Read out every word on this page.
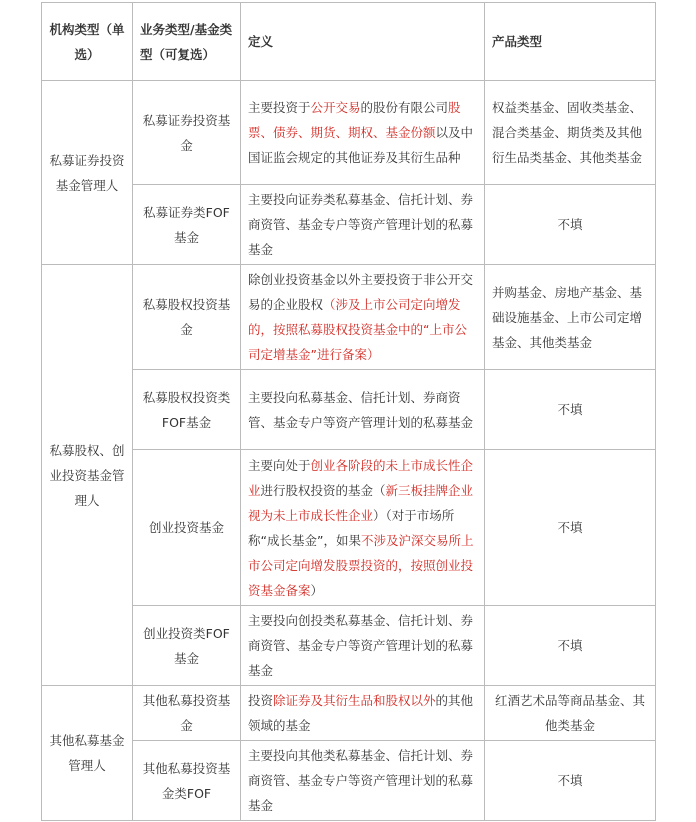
机构类型（单选）	业务类型/基金类型（可复选）	定义	产品类型
私募证券投资基金管理人	私募证券投资基金	主要投资于公开交易的股份有限公司股票、债券、期货、期权、基金份额以及中国证监会规定的其他证券及其衍生品种	权益类基金、固收类基金、混合类基金、期货类及其他衍生品类基金、其他类基金
	私募证券类FOF基金	主要投向证券类私募基金、信托计划、券商资管、基金专户等资产管理计划的私募基金	不填
私募股权、创业投资基金管理人	私募股权投资基金	除创业投资基金以外主要投资于非公开交易的企业股权（涉及上市公司定向增发的，按照私募股权投资基金中的“上市公司定增基金”进行备案）	并购基金、房地产基金、基础设施基金、上市公司定增基金、其他类基金
	私募股权投资类FOF基金	主要投向私募基金、信托计划、券商资管、基金专户等资产管理计划的私募基金	不填
	创业投资基金	主要向处于创业各阶段的未上市成长性企业进行股权投资的基金（新三板挂牌企业视为未上市成长性企业）（对于市场所称“成长基金”，如果不涉及沪深交易所上市公司定向增发股票投资的，按照创业投资基金备案）	不填
	创业投资类FOF基金	主要投向创投类私募基金、信托计划、券商资管、基金专户等资产管理计划的私募基金	不填
其他私募基金管理人	其他私募投资基金	投资除证券及其衍生品和股权以外的其他领域的基金	红酒艺术品等商品基金、其他类基金
	其他私募投资基金类FOF	主要投向其他类私募基金、信托计划、券商资管、基金专户等资产管理计划的私募基金	不填
